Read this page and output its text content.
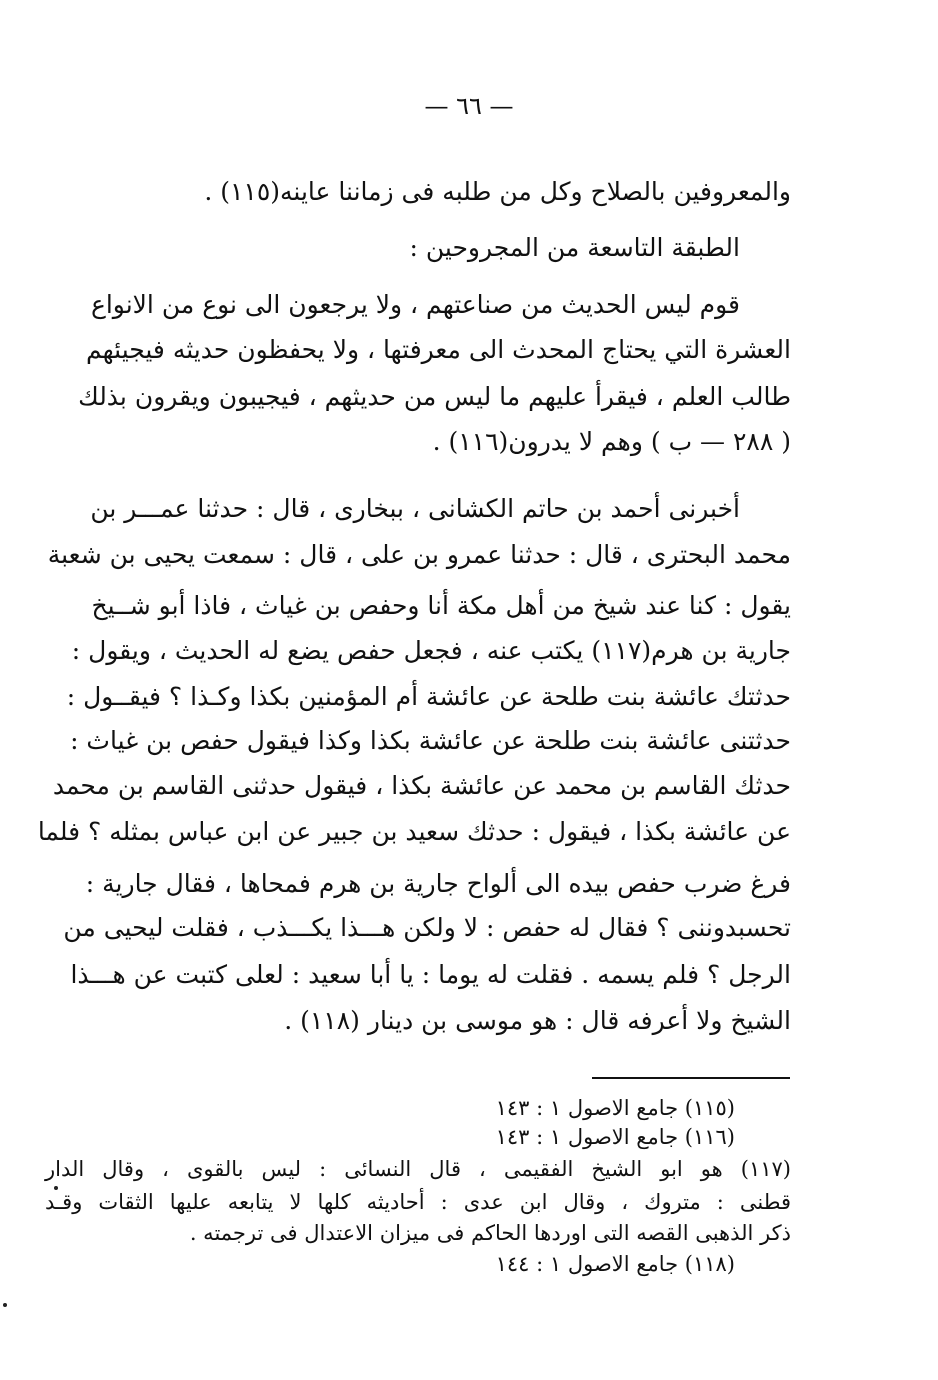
— ٦٦ —
والمعروفين بالصلاح وكل من طلبه فى زماننا عاينه(١١٥) .
الطبقة التاسعة من المجروحين :
قوم ليس الحديث من صناعتهم ، ولا يرجعون الى نوع من الانواع
العشرة التي يحتاج المحدث الى معرفتها ، ولا يحفظون حديثه فيجيئهم
طالب العلم ، فيقرأ عليهم ما ليس من حديثهم ، فيجيبون ويقرون بذلك
( ٢٨٨ — ب ) وهم لا يدرون(١١٦) .
أخبرنى أحمد بن حاتم الكشانى ، ببخارى ، قال : حدثنا عمـــر بن
محمد البحترى ، قال : حدثنا عمرو بن على ، قال : سمعت يحيى بن شعبة
يقول : كنا عند شيخ من أهل مكة أنا وحفص بن غياث ، فاذا أبو شــيخ
جارية بن هرم(١١٧) يكتب عنه ، فجعل حفص يضع له الحديث ، ويقول :
حدثتك عائشة بنت طلحة عن عائشة أم المؤمنين بكذا وكـذا ؟ فيقــول :
حدثتنى عائشة بنت طلحة عن عائشة بكذا وكذا فيقول حفص بن غياث :
حدثك القاسم بن محمد عن عائشة بكذا ، فيقول حدثنى القاسم بن محمد
عن عائشة بكذا ، فيقول : حدثك سعيد بن جبير عن ابن عباس بمثله ؟ فلما
فرغ ضرب حفص بيده الى ألواح جارية بن هرم فمحاها ، فقال جارية :
تحسبدوننى ؟ فقال له حفص : لا ولكن هـــذا يكـــذب ، فقلت ليحيى من
الرجل ؟ فلم يسمه . فقلت له يوما : يا أبا سعيد : لعلى كتبت عن هـــذا
الشيخ ولا أعرفه قال : هو موسى بن دينار (١١٨) .
(١١٥) جامع الاصول ١ : ١٤٣
(١١٦) جامع الاصول ١ : ١٤٣
(١١٧) هو ابو الشيخ الفقيمى ، قال النسائى : ليس بالقوى ، وقال الدار
قطنى : متروك ، وقال ابن عدى : أحاديثه كلها لا يتابعه عليها الثقات وقـد
ذكر الذهبى القصه التى اوردها الحاكم فى ميزان الاعتدال فى ترجمته .
(١١٨) جامع الاصول ١ : ١٤٤
